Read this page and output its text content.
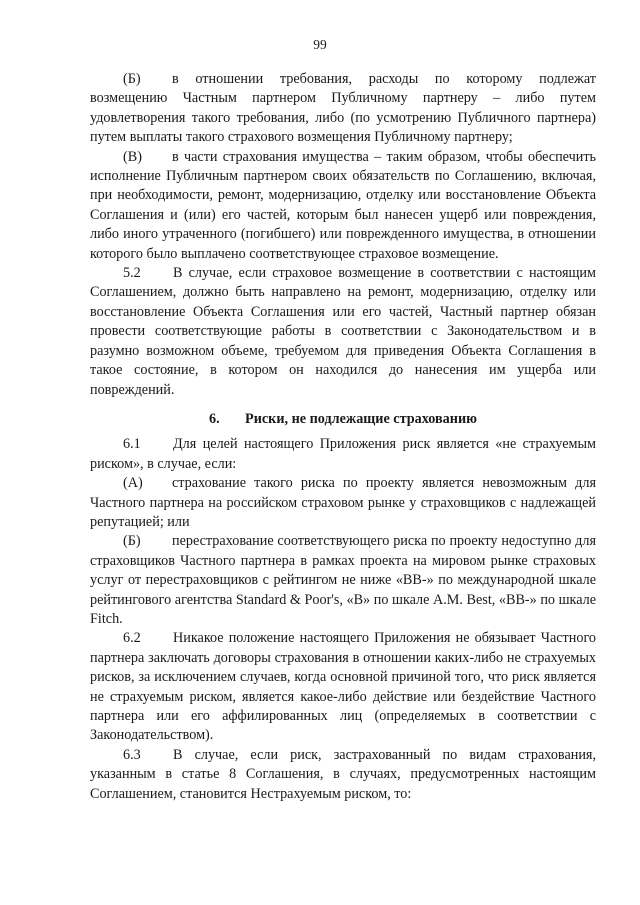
99

(Б) в отношении требования, расходы по которому подлежат возмещению Частным партнером Публичному партнеру – либо путем удовлетворения такого требования, либо (по усмотрению Публичного партнера) путем выплаты такого страхового возмещения Публичному партнеру;

(В) в части страхования имущества – таким образом, чтобы обеспечить исполнение Публичным партнером своих обязательств по Соглашению, включая, при необходимости, ремонт, модернизацию, отделку или восстановление Объекта Соглашения и (или) его частей, которым был нанесен ущерб или повреждения, либо иного утраченного (погибшего) или поврежденного имущества, в отношении которого было выплачено соответствующее страховое возмещение.

5.2 В случае, если страховое возмещение в соответствии с настоящим Соглашением, должно быть направлено на ремонт, модернизацию, отделку или восстановление Объекта Соглашения или его частей, Частный партнер обязан провести соответствующие работы в соответствии с Законодательством и в разумно возможном объеме, требуемом для приведения Объекта Соглашения в такое состояние, в котором он находился до нанесения им ущерба или повреждений.

6. Риски, не подлежащие страхованию

6.1 Для целей настоящего Приложения риск является «не страхуемым риском», в случае, если:

(А) страхование такого риска по проекту является невозможным для Частного партнера на российском страховом рынке у страховщиков с надлежащей репутацией; или

(Б) перестрахование соответствующего риска по проекту недоступно для страховщиков Частного партнера в рамках проекта на мировом рынке страховых услуг от перестраховщиков с рейтингом не ниже «BB-» по международной шкале рейтингового агентства Standard & Poor's, «B» по шкале A.M. Best, «BB-» по шкале Fitch.

6.2 Никакое положение настоящего Приложения не обязывает Частного партнера заключать договоры страхования в отношении каких-либо не страхуемых рисков, за исключением случаев, когда основной причиной того, что риск является не страхуемым риском, является какое-либо действие или бездействие Частного партнера или его аффилированных лиц (определяемых в соответствии с Законодательством).

6.3 В случае, если риск, застрахованный по видам страхования, указанным в статье 8 Соглашения, в случаях, предусмотренных настоящим Соглашением, становится Нестрахуемым риском, то:
